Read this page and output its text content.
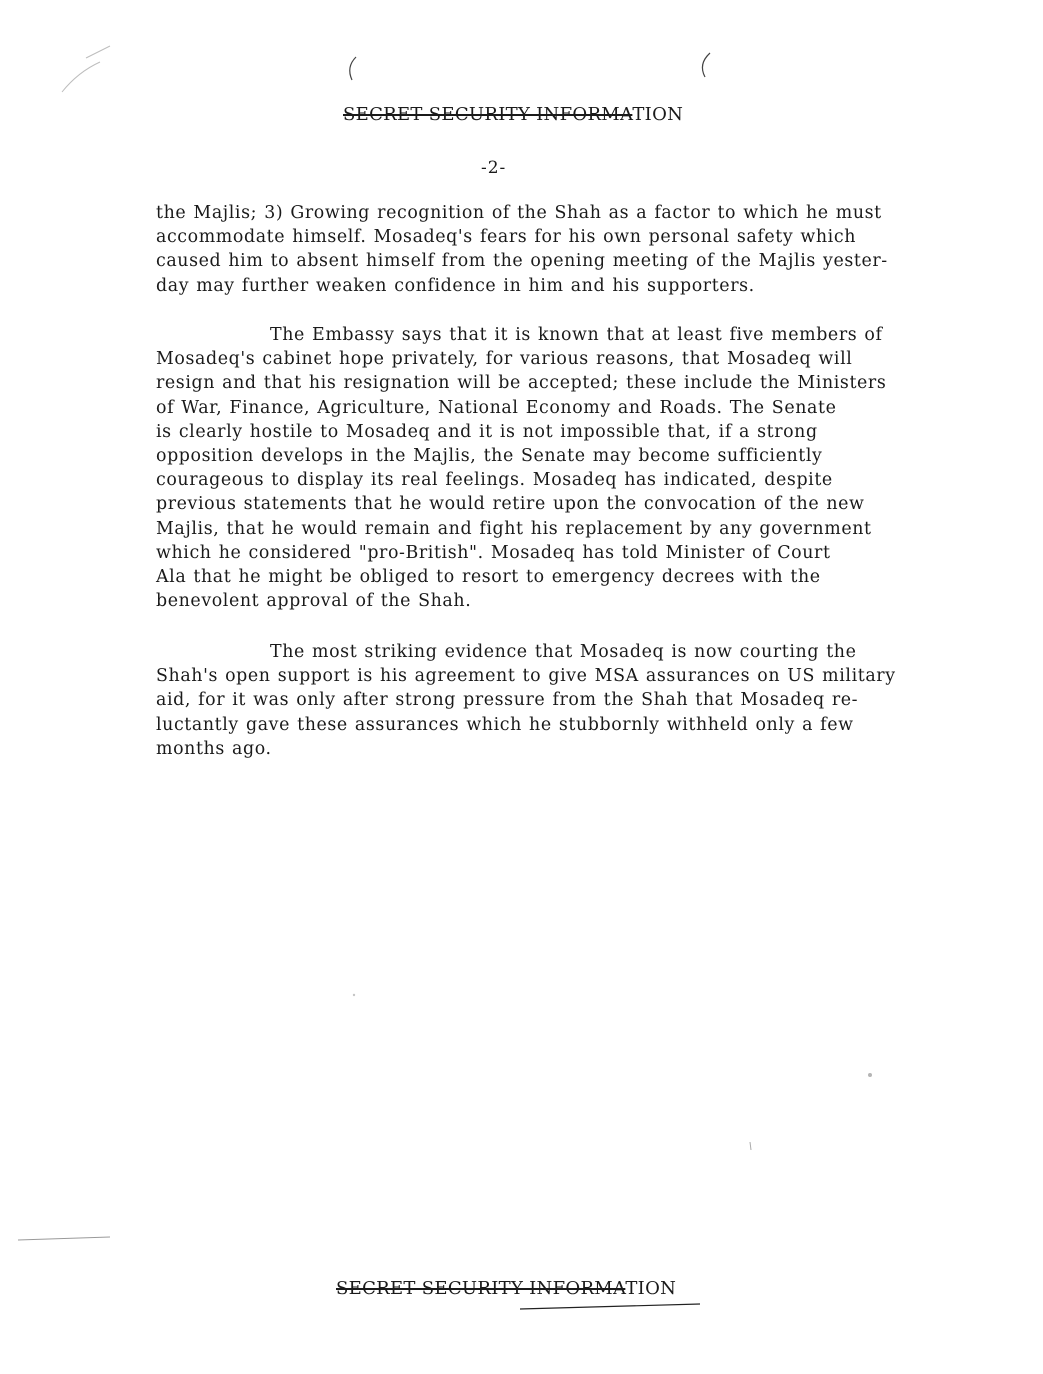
SECRET SECURITY INFORMATION
-2-

the Majlis; 3) Growing recognition of the Shah as a factor to which he must
accommodate himself. Mosadeq's fears for his own personal safety which
caused him to absent himself from the opening meeting of the Majlis yester-
day may further weaken confidence in him and his supporters.

The Embassy says that it is known that at least five members of
Mosadeq's cabinet hope privately, for various reasons, that Mosadeq will
resign and that his resignation will be accepted; these include the Ministers
of War, Finance, Agriculture, National Economy and Roads. The Senate
is clearly hostile to Mosadeq and it is not impossible that, if a strong
opposition develops in the Majlis, the Senate may become sufficiently
courageous to display its real feelings. Mosadeq has indicated, despite
previous statements that he would retire upon the convocation of the new
Majlis, that he would remain and fight his replacement by any government
which he considered "pro-British". Mosadeq has told Minister of Court
Ala that he might be obliged to resort to emergency decrees with the
benevolent approval of the Shah.

The most striking evidence that Mosadeq is now courting the
Shah's open support is his agreement to give MSA assurances on US military
aid, for it was only after strong pressure from the Shah that Mosadeq re-
luctantly gave these assurances which he stubbornly withheld only a few
months ago.

SECRET SECURITY INFORMATION
